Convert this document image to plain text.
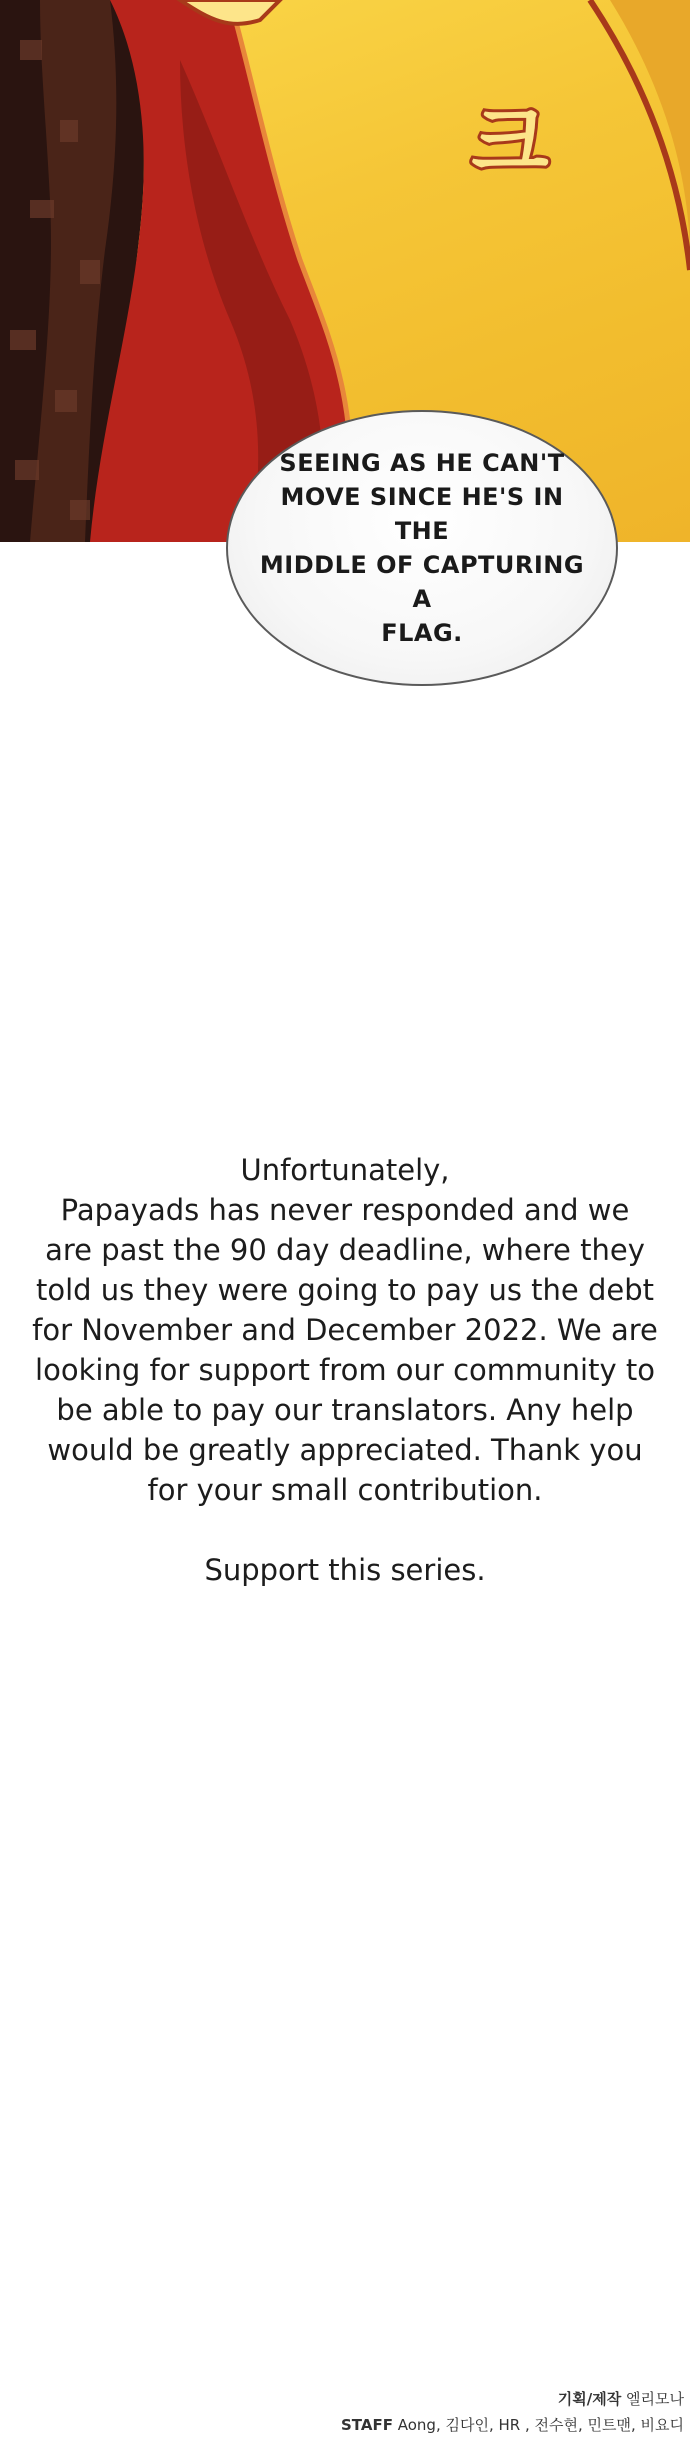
크
SEEING AS HE CAN'T
MOVE SINCE HE'S IN THE
MIDDLE OF CAPTURING A
FLAG.

Unfortunately,
Papayads has never responded and we
are past the 90 day deadline, where they
told us they were going to pay us the debt
for November and December 2022. We are
looking for support from our community to
be able to pay our translators. Any help
would be greatly appreciated. Thank you
for your small contribution.

Support this series.

기획/제작 엘리모나
STAFF Aong, 김다인, HR , 전수현, 민트맨, 비요디
